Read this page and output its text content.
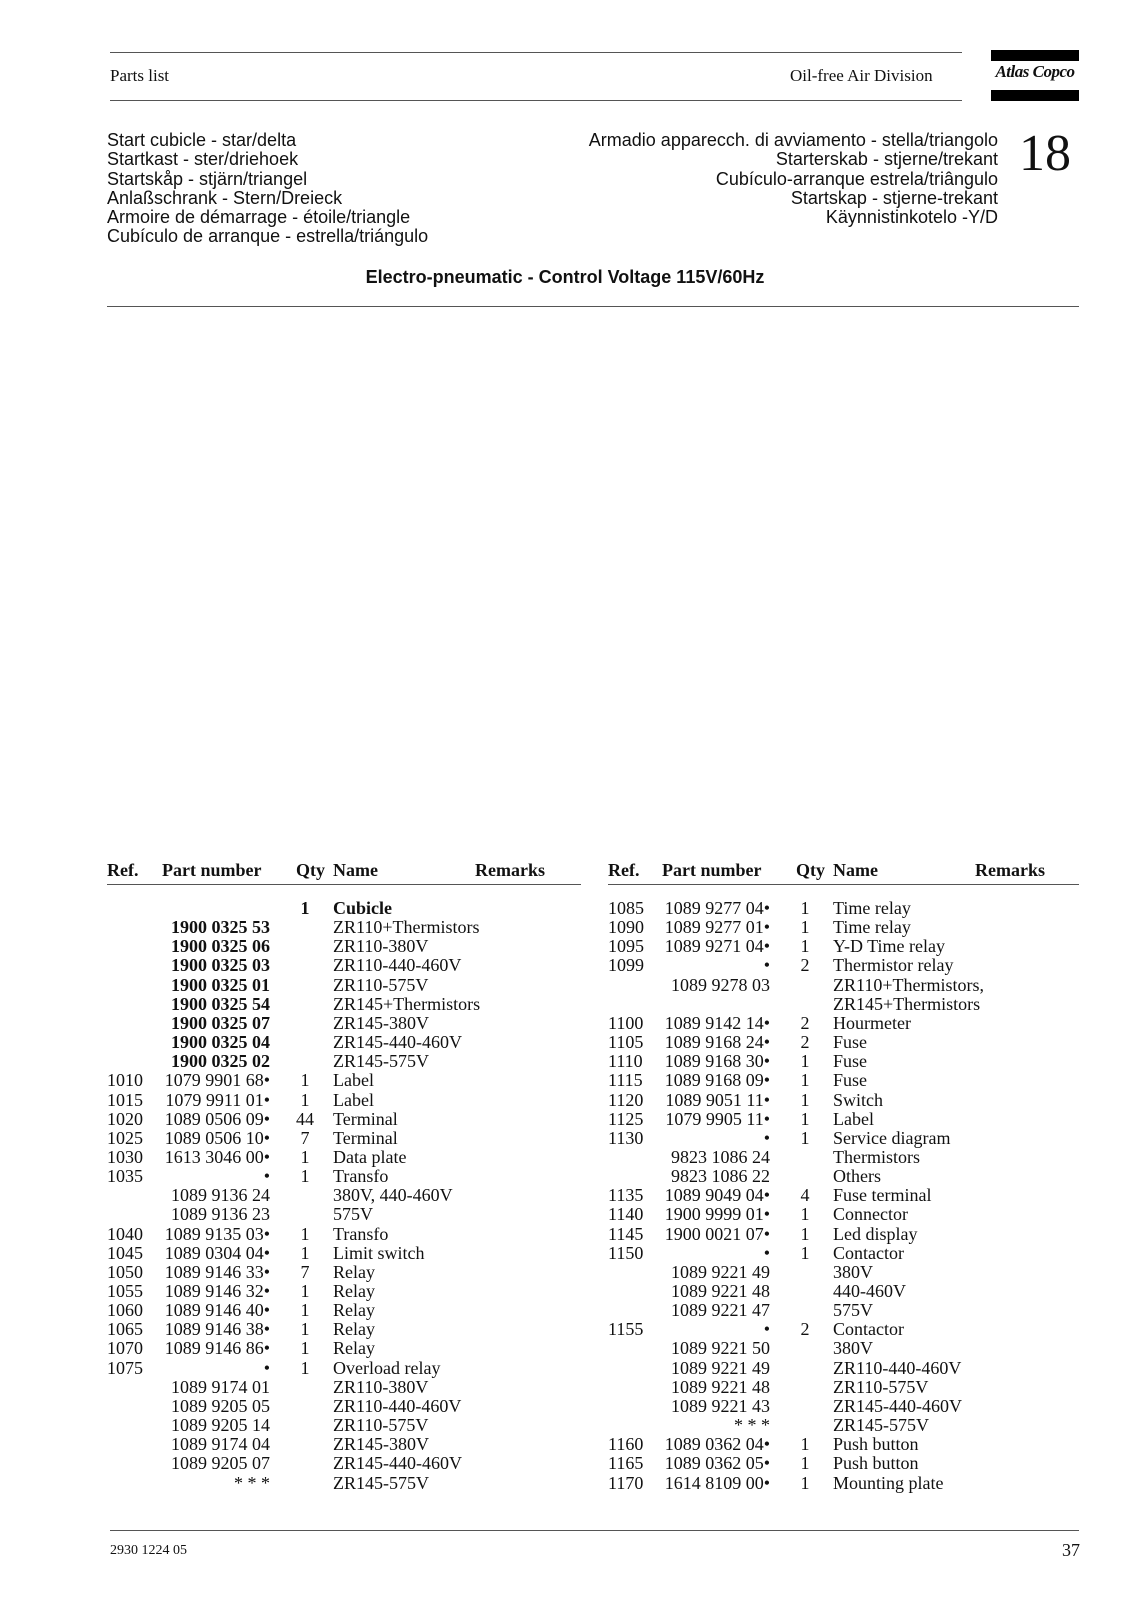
Parts list	Oil-free Air Division	Atlas Copco
Start cubicle - star/delta
Startkast - ster/driehoek
Startskåp - stjärn/triangel
Anlaßschrank - Stern/Dreieck
Armoire de démarrage - étoile/triangle
Cubículo de arranque - estrella/triángulo
Armadio apparecch. di avviamento - stella/triangolo
Starterskab - stjerne/trekant
Cubículo-arranque estrela/triângulo
Startskap - stjerne-trekant
Käynnistinkotelo -Y/D
18
Electro-pneumatic - Control Voltage 115V/60Hz
Ref. Part number Qty Name	Remarks
1	Cubicle
1900 0325 53	ZR110+Thermistors
1900 0325 06	ZR110-380V
1900 0325 03	ZR110-440-460V
1900 0325 01	ZR110-575V
1900 0325 54	ZR145+Thermistors
1900 0325 07	ZR145-380V
1900 0325 04	ZR145-440-460V
1900 0325 02	ZR145-575V
1010 1079 9901 68•	1	Label
1015 1079 9911 01•	1	Label
1020 1089 0506 09•	44	Terminal
1025 1089 0506 10•	7	Terminal
1030 1613 3046 00•	1	Data plate
1035	•	1	Transfo
1089 9136 24	380V, 440-460V
1089 9136 23	575V
1040 1089 9135 03•	1	Transfo
1045 1089 0304 04•	1	Limit switch
1050 1089 9146 33•	7	Relay
1055 1089 9146 32•	1	Relay
1060 1089 9146 40•	1	Relay
1065 1089 9146 38•	1	Relay
1070 1089 9146 86•	1	Relay
1075	•	1	Overload relay
1089 9174 01	ZR110-380V
1089 9205 05	ZR110-440-460V
1089 9205 14	ZR110-575V
1089 9174 04	ZR145-380V
1089 9205 07	ZR145-440-460V
* * *	ZR145-575V
Ref. Part number Qty Name	Remarks
1085 1089 9277 04•	1	Time relay
1090 1089 9277 01•	1	Time relay
1095 1089 9271 04•	1	Y-D Time relay
1099	•	2	Thermistor relay
1089 9278 03	ZR110+Thermistors,
ZR145+Thermistors
1100 1089 9142 14•	2	Hourmeter
1105 1089 9168 24•	2	Fuse
1110 1089 9168 30•	1	Fuse
1115 1089 9168 09•	1	Fuse
1120 1089 9051 11•	1	Switch
1125 1079 9905 11•	1	Label
1130	•	1	Service diagram
9823 1086 24	Thermistors
9823 1086 22	Others
1135 1089 9049 04•	4	Fuse terminal
1140 1900 9999 01•	1	Connector
1145 1900 0021 07•	1	Led display
1150	•	1	Contactor
1089 9221 49	380V
1089 9221 48	440-460V
1089 9221 47	575V
1155	•	2	Contactor
1089 9221 50	380V
1089 9221 49	ZR110-440-460V
1089 9221 48	ZR110-575V
1089 9221 43	ZR145-440-460V
* * *	ZR145-575V
1160 1089 0362 04•	1	Push button
1165 1089 0362 05•	1	Push button
1170 1614 8109 00•	1	Mounting plate
2930 1224 05	37
